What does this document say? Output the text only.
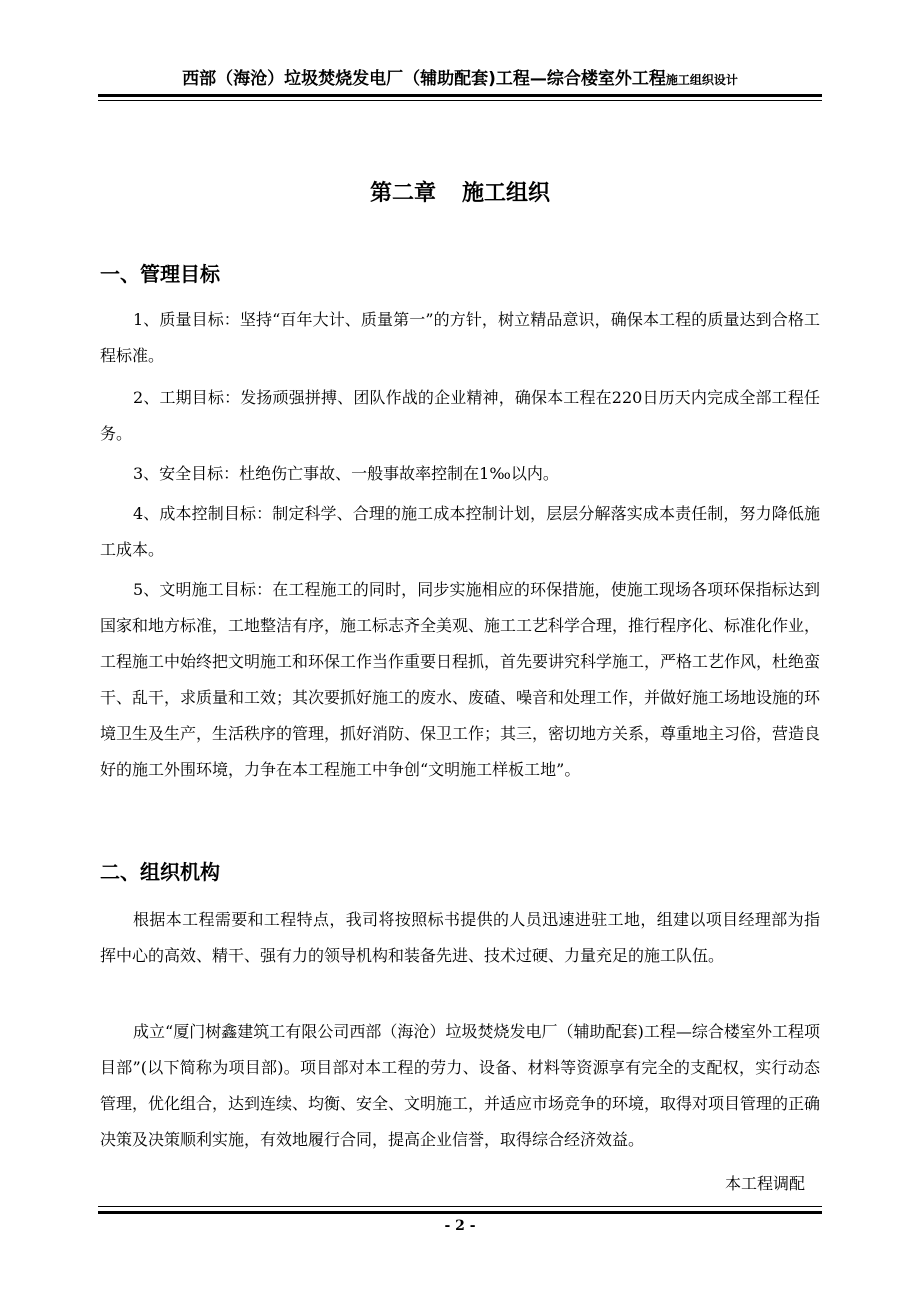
西部（海沧）垃圾焚烧发电厂（辅助配套)工程—综合楼室外工程施工组织设计
第二章 施工组织
一、管理目标
1、质量目标：坚持“百年大计、质量第一”的方针，树立精品意识，确保本工程的质量达到合格工程标准。
2、工期目标：发扬顽强拼搏、团队作战的企业精神，确保本工程在220日历天内完成全部工程任务。
3、安全目标：杜绝伤亡事故、一般事故率控制在1‰以内。
4、成本控制目标：制定科学、合理的施工成本控制计划，层层分解落实成本责任制，努力降低施工成本。
5、文明施工目标：在工程施工的同时，同步实施相应的环保措施，使施工现场各项环保指标达到国家和地方标准，工地整洁有序，施工标志齐全美观、施工工艺科学合理，推行程序化、标准化作业，工程施工中始终把文明施工和环保工作当作重要日程抓，首先要讲究科学施工，严格工艺作风，杜绝蛮干、乱干，求质量和工效；其次要抓好施工的废水、废碴、噪音和处理工作，并做好施工场地设施的环境卫生及生产，生活秩序的管理，抓好消防、保卫工作；其三，密切地方关系，尊重地主习俗，营造良好的施工外围环境，力争在本工程施工中争创“文明施工样板工地”。
二、组织机构
根据本工程需要和工程特点，我司将按照标书提供的人员迅速进驻工地，组建以项目经理部为指挥中心的高效、精干、强有力的领导机构和装备先进、技术过硬、力量充足的施工队伍。
成立“厦门树鑫建筑工有限公司西部（海沧）垃圾焚烧发电厂（辅助配套)工程—综合楼室外工程项目部”(以下简称为项目部)。项目部对本工程的劳力、设备、材料等资源享有完全的支配权，实行动态管理，优化组合，达到连续、均衡、安全、文明施工，并适应市场竞争的环境，取得对项目管理的正确决策及决策顺利实施，有效地履行合同，提高企业信誉，取得综合经济效益。
本工程调配
- 2 -
